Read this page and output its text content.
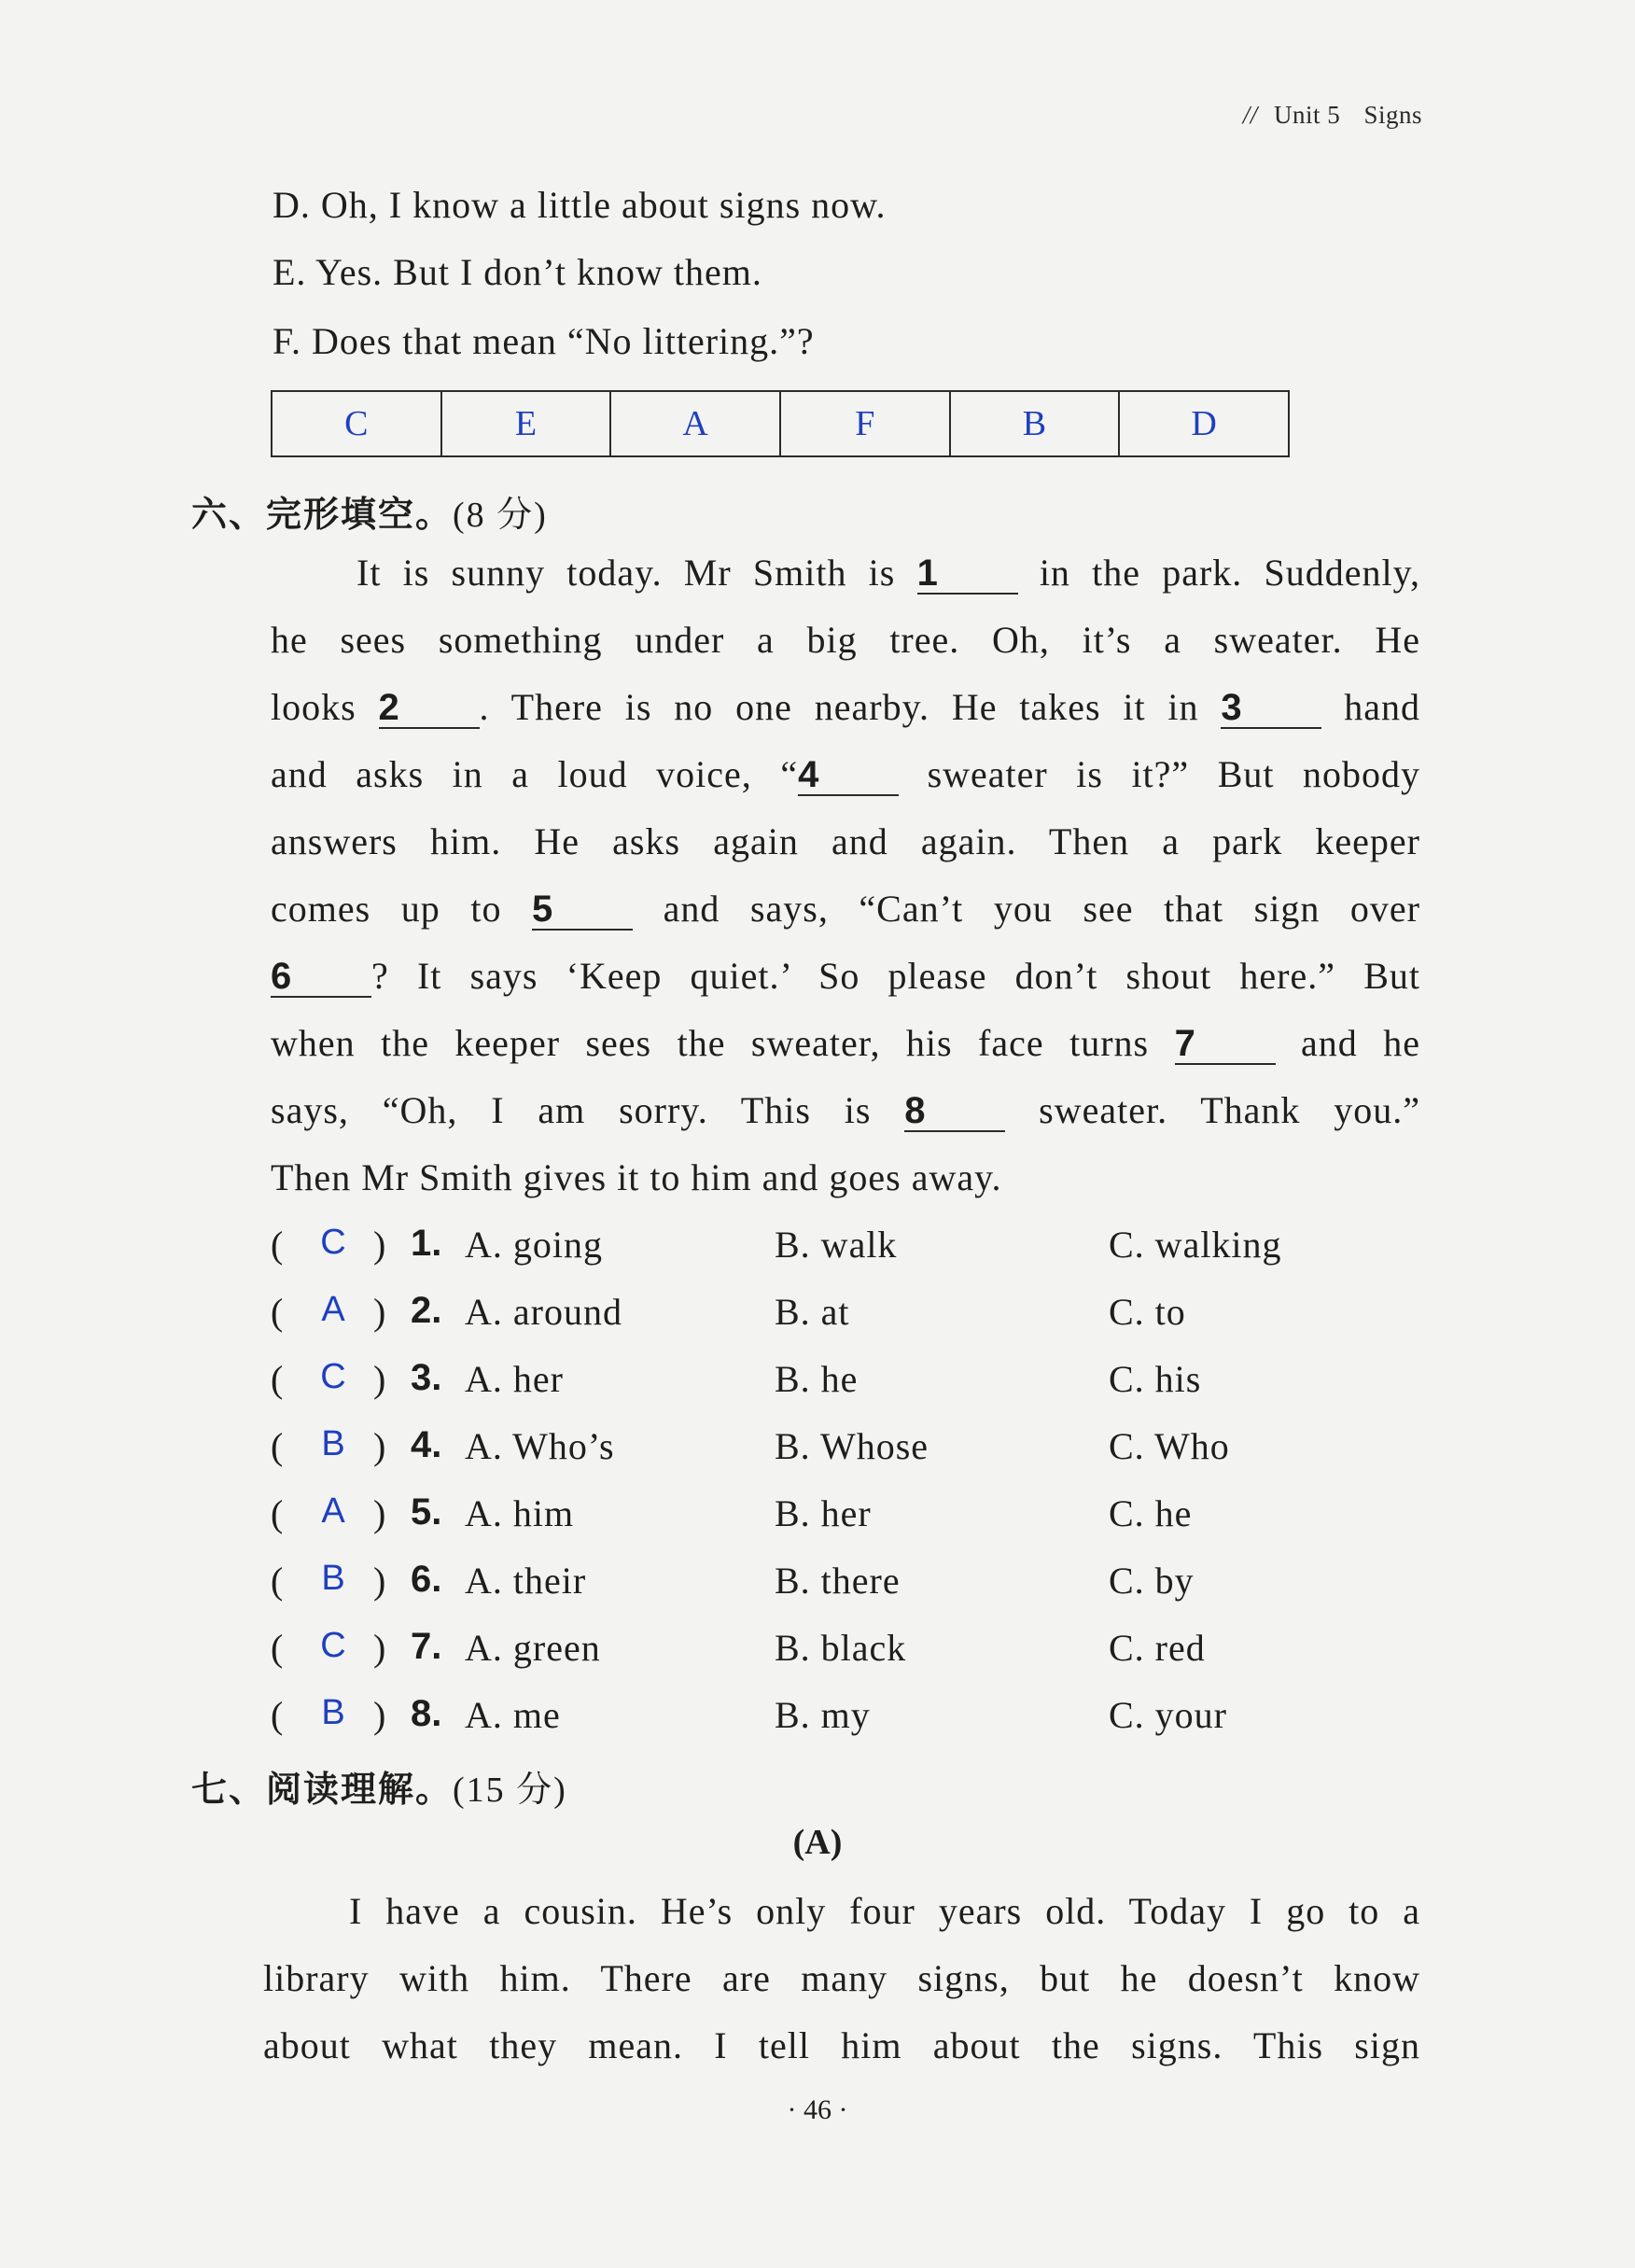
// Unit 5 Signs
D. Oh, I know a little about signs now.
E. Yes. But I don’t know them.
F. Does that mean “No littering.”?
C	E	A	F	B	D
六、完形填空。(8 分)
It is sunny today. Mr Smith is 1	in the park. Suddenly,
he sees something under a big tree. Oh, it’s a sweater. He
looks 2 . There is no one nearby. He takes it in 3	hand
and asks in a loud voice, “4	sweater is it?” But nobody
answers him. He asks again and again. Then a park keeper
comes up to 5	and says, “Can’t you see that sign over
6 ? It says ‘Keep quiet.’ So please don’t shout here.” But
when the keeper sees the sweater, his face turns 7	and he
says, “Oh, I am sorry. This is 8	sweater. Thank you.”
Then Mr Smith gives it to him and goes away.
( C ) 1. A. going	B. walk	C. walking
(	A ) 2. A. around	B. at	C. to
( C ) 3. A. her	B. he	C. his
(	B ) 4. A. Who’s	B. Whose	C. Who
(	A ) 5. A. him	B. her	C. he
(	B ) 6. A. their	B. there	C. by
( C ) 7. A. green	B. black	C. red
(	B ) 8. A. me	B. my	C. your
七、阅读理解。(15 分)
(A)
I have a cousin. He’s only four years old. Today I go to a
library with him. There are many signs, but he doesn’t know
about what they mean. I tell him about the signs. This sign
· 46 ·
